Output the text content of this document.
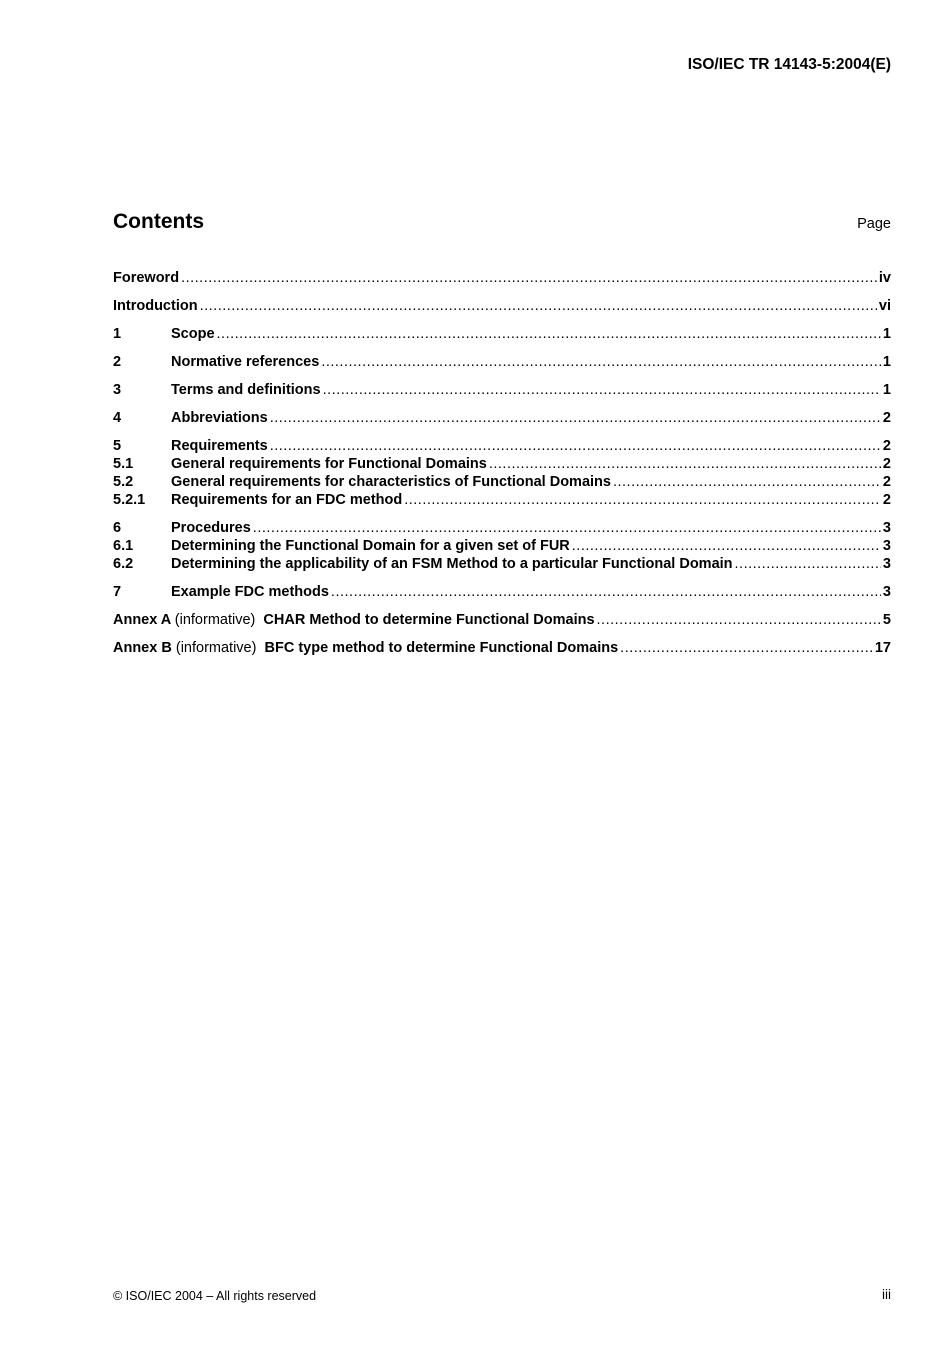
ISO/IEC TR 14143-5:2004(E)
Contents	Page
Foreword .....	iv
Introduction .....	vi
1	Scope .....	1
2	Normative references .....	1
3	Terms and definitions .....	1
4	Abbreviations .....	2
5	Requirements .....	2
5.1	General requirements for Functional Domains .....	2
5.2	General requirements for characteristics of Functional Domains .....	2
5.2.1	Requirements for an FDC method .....	2
6	Procedures .....	3
6.1	Determining the Functional Domain for a given set of FUR .....	3
6.2	Determining the applicability of an FSM Method to a particular Functional Domain .....	3
7	Example FDC methods .....	3
Annex A (informative) CHAR Method to determine Functional Domains .....	5
Annex B (informative) BFC type method to determine Functional Domains .....	17
© ISO/IEC 2004 – All rights reserved	iii
